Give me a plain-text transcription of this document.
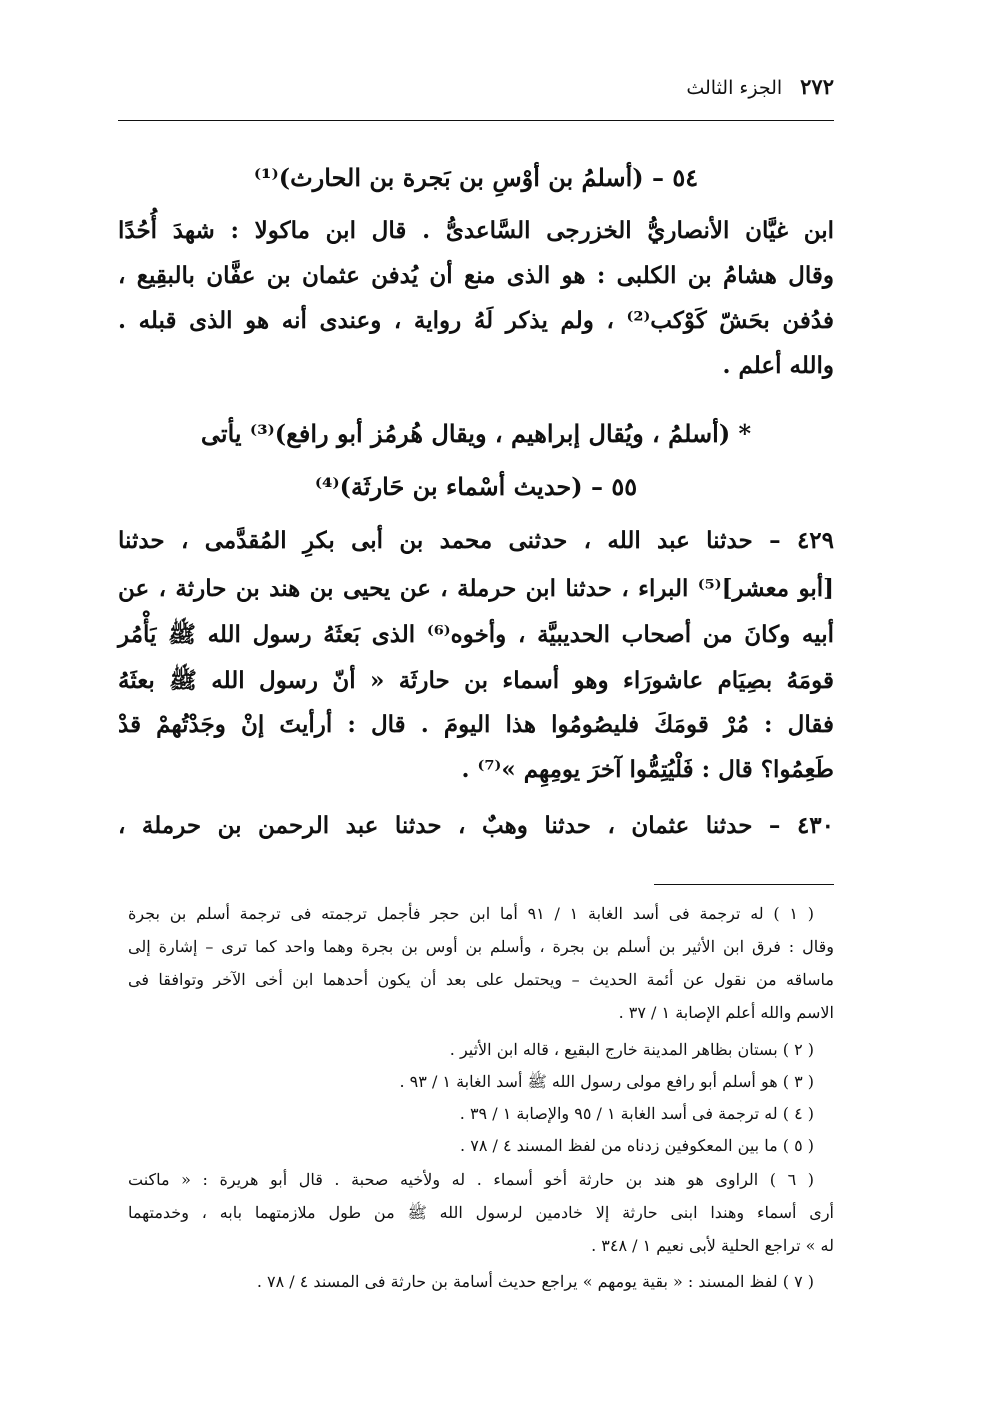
٢٧٢
الجزء الثالث
٥٤ – (أسلمُ بن أوْسِ بن بَجرة بن الحارث)⁽¹⁾
ابن غيَّان الأنصاريُّ الخزرجى السَّاعدىُّ . قال ابن ماكولا : شهدَ أُحُدًا
وقال هشامُ بن الكلبى : هو الذى منع أن يُدفن عثمان بن عفَّان بالبقِيع ،
فدُفن بحَشّ كَوْكب⁽²⁾ ، ولم يذكر لَهُ رواية ، وعندى أنه هو الذى قبله .
والله أعلم .
* (أسلمُ ، ويُقال إبراهيم ، ويقال هُرمُز أبو رافع)⁽³⁾ يأتى
٥٥ – (حديث أسْماء بن حَارثَة)⁽⁴⁾
٤٢٩ – حدثنا عبد الله ، حدثنى محمد بن أبى بكرِ المُقدَّمى ، حدثنا
[أبو معشر]⁽⁵⁾ البراء ، حدثنا ابن حرملة ، عن يحيى بن هند بن حارثة ، عن
أبيه وكانَ من أصحاب الحديبيَّة ، وأخوه⁽⁶⁾ الذى بَعثَهُ رسول الله ﷺ يَأْمُر
قومَهُ بصِيَام عاشورَاء وهو أسماء بن حارثَة « أنّ رسول الله ﷺ بعثَهُ
فقال : مُرْ قومَكَ فليصُومُوا هذا اليومَ . قال : أرأيتَ إنْ وجَدْتُهمْ قدْ
طَعِمُوا؟ قال : فَلْيُتِمُّوا آخرَ يومِهِم »⁽⁷⁾ .
٤٣٠ – حدثنا عثمان ، حدثنا وهبٌ ، حدثنا عبد الرحمن بن حرملة ،
( ١ ) له ترجمة فى أسد الغابة ١ / ٩١ أما ابن حجر فأجمل ترجمته فى ترجمة أسلم بن بجرة
وقال : فرق ابن الأثير بن أسلم بن بجرة ، وأسلم بن أوس بن بجرة وهما واحد كما ترى – إشارة إلى
ماساقه من نقول عن أئمة الحديث – ويحتمل على بعد أن يكون أحدهما ابن أخى الآخر وتوافقا فى
الاسم والله أعلم الإصابة ١ / ٣٧ .
( ٢ ) بستان بظاهر المدينة خارج البقيع ، قاله ابن الأثير .
( ٣ ) هو أسلم أبو رافع مولى رسول الله ﷺ أسد الغابة ١ / ٩٣ .
( ٤ ) له ترجمة فى أسد الغابة ١ / ٩٥ والإصابة ١ / ٣٩ .
( ٥ ) ما بين المعكوفين زدناه من لفظ المسند ٤ / ٧٨ .
( ٦ ) الراوى هو هند بن حارثة أخو أسماء . له ولأخيه صحبة . قال أبو هريرة : « ماكنت
أرى أسماء وهندا ابنى حارثة إلا خادمين لرسول الله ﷺ من طول ملازمتهما بابه ، وخدمتهما
له » تراجع الحلية لأبى نعيم ١ / ٣٤٨ .
( ٧ ) لفظ المسند : « بقية يومهم » يراجع حديث أسامة بن حارثة فى المسند ٤ / ٧٨ .
